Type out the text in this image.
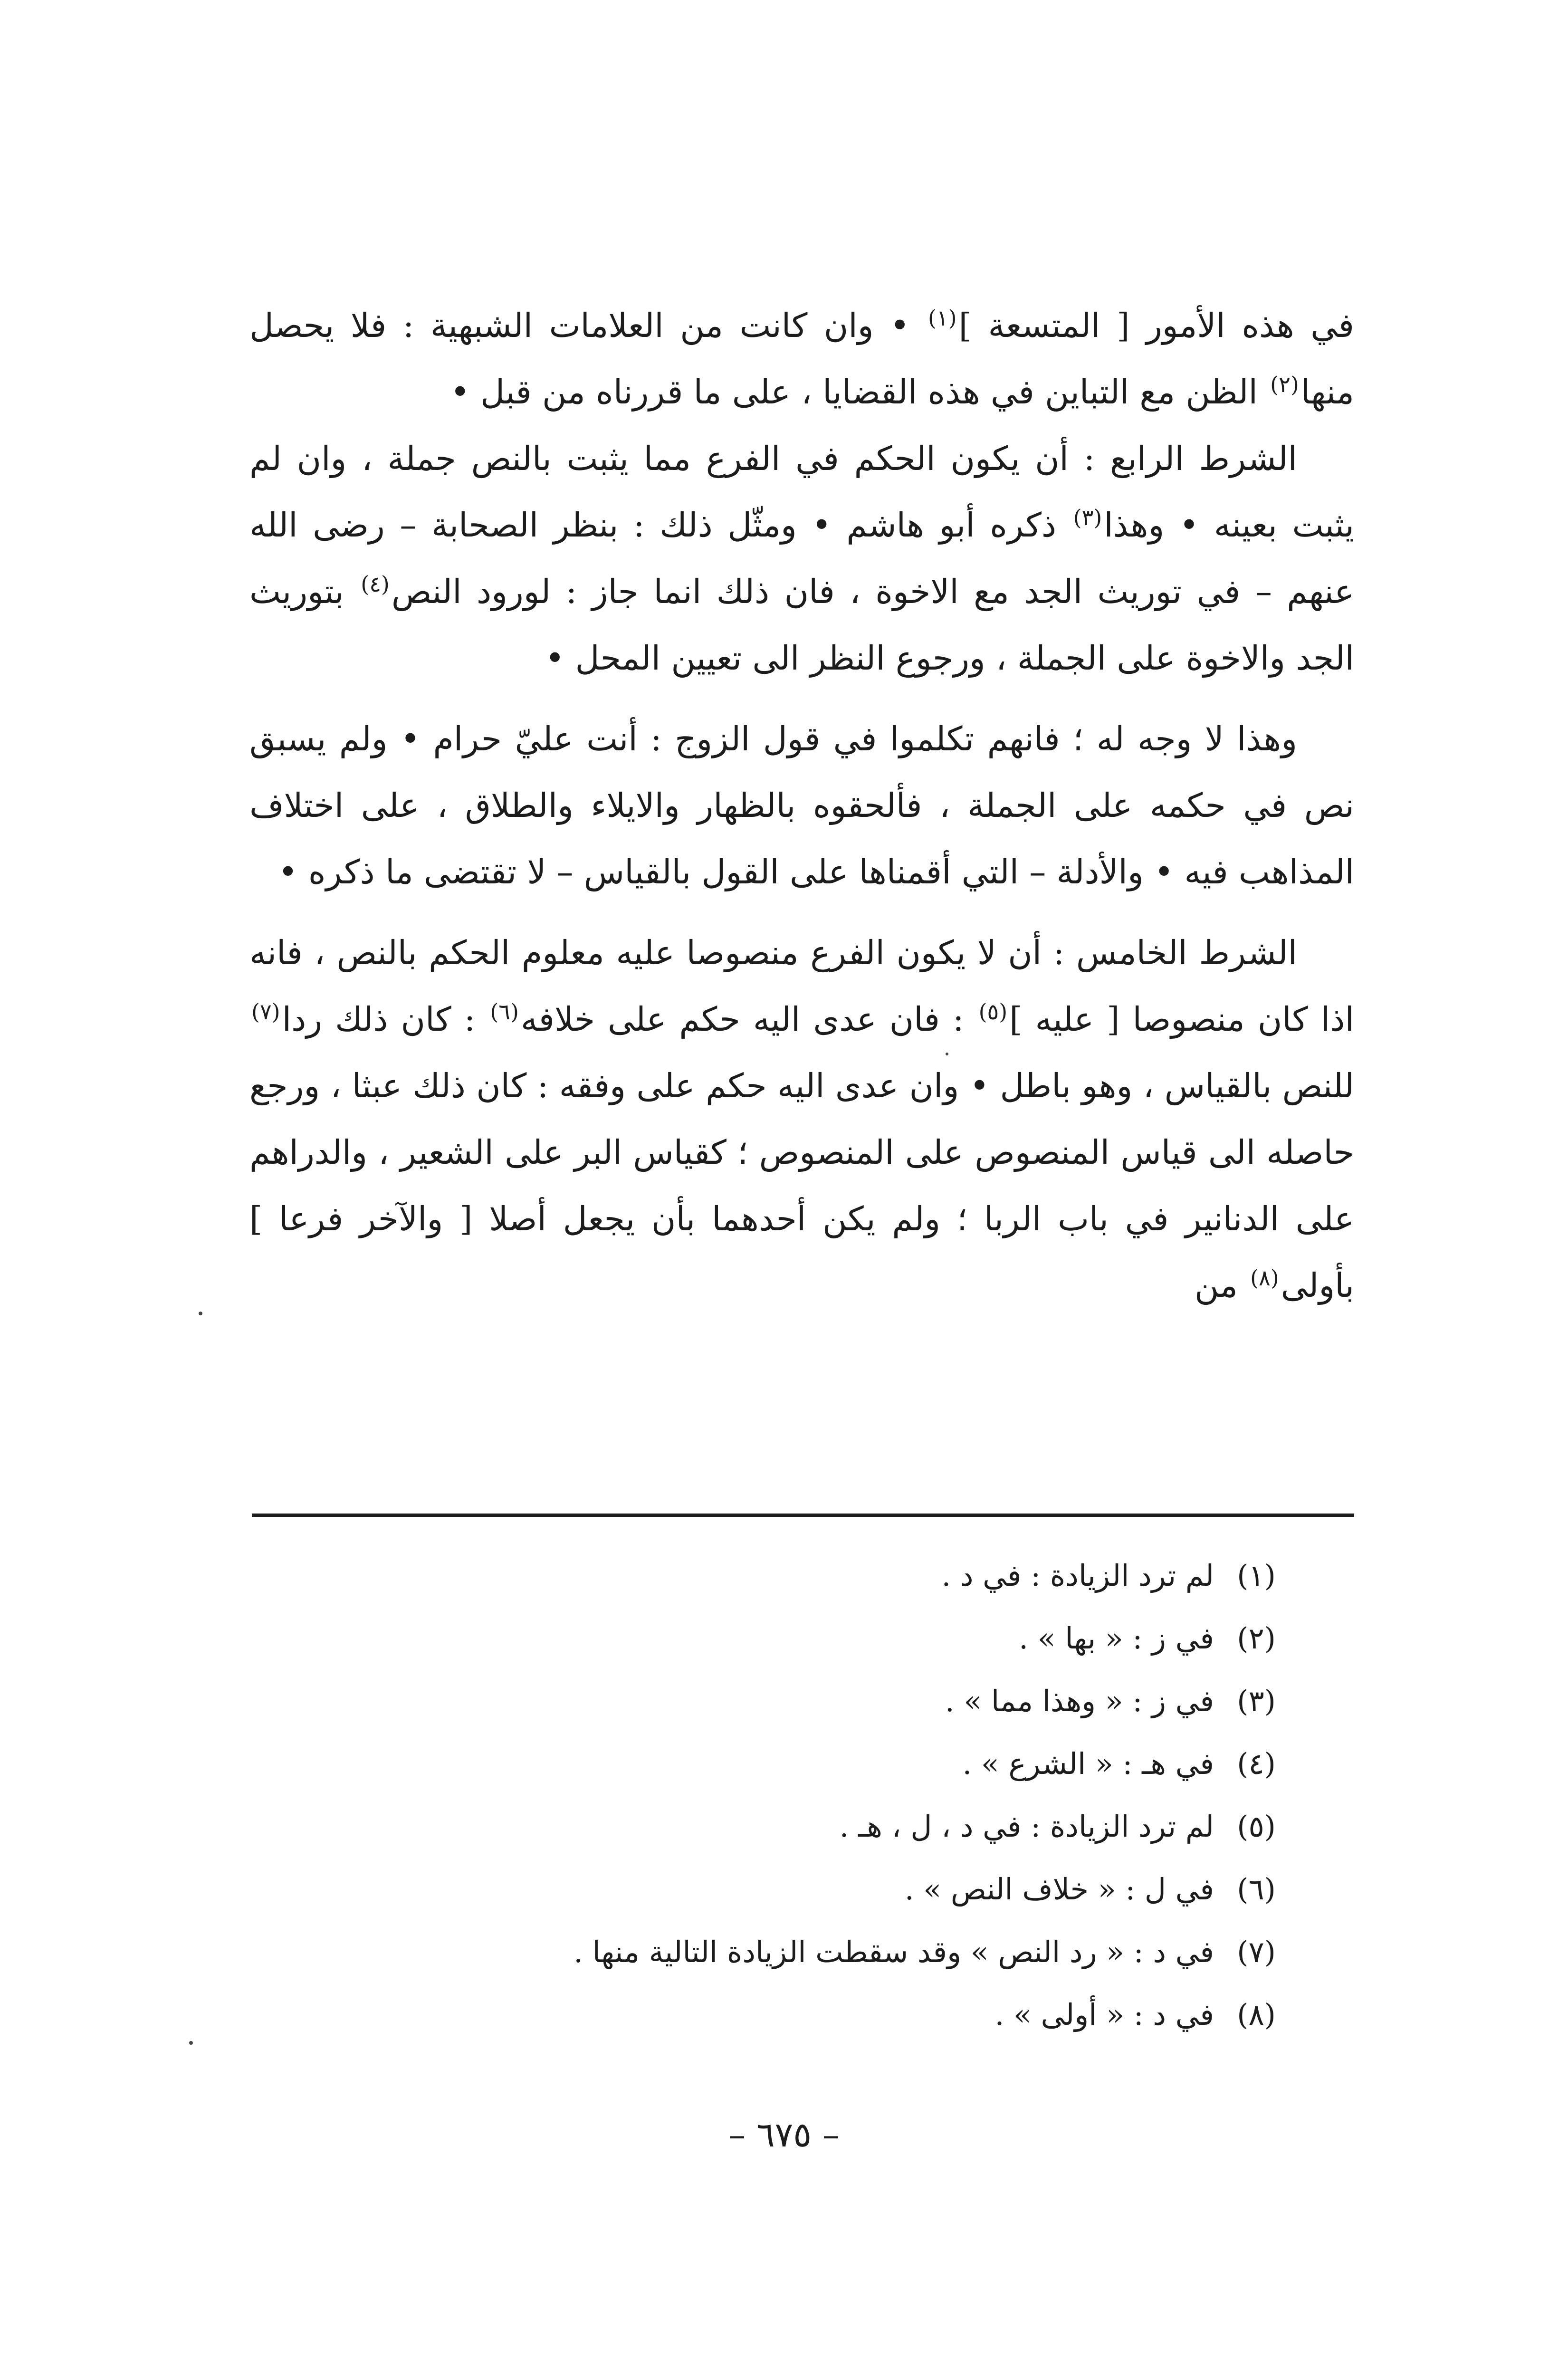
في هذه الأمور [ المتسعة ]$^{(١)}$ • وان كانت من العلامات الشبهية : فلا يحصل منها$^{(٢)}$ الظن مع التباين في هذه القضايا ، على ما قررناه من قبل •

الشرط الرابع : أن يكون الحكم في الفرع مما يثبت بالنص جملة ، وان لم يثبت بعينه • وهذا$^{(٣)}$ ذكره أبو هاشم • ومثّل ذلك : بنظر الصحابة – رضى الله عنهم – في توريث الجد مع الاخوة ، فان ذلك انما جاز : لورود النص$^{(٤)}$ بتوريث الجد والاخوة على الجملة ، ورجوع النظر الى تعيين المحل •

وهذا لا وجه له ؛ فانهم تكلموا في قول الزوج : أنت عليّ حرام • ولم يسبق نص في حكمه على الجملة ، فألحقوه بالظهار والايلاء والطلاق ، على اختلاف المذاهب فيه • والأدلة – التي أقمناها على القول بالقياس – لا تقتضى ما ذكره •

الشرط الخامس : أن لا يكون الفرع منصوصا عليه معلوم الحكم بالنص ، فانه اذا كان منصوصا [ عليه ]$^{(٥)}$ : فان عدى اليه حكم على خلافه$^{(٦)}$ : كان ذلك ردا$^{(٧)}$ للنص بالقياس ، وهو باطل • وان عدى اليه حكم على وفقه : كان ذلك عبثا ، ورجع حاصله الى قياس المنصوص على المنصوص ؛ كقياس البر على الشعير ، والدراهم على الدنانير في باب الربا ؛ ولم يكن أحدهما بأن يجعل أصلا [ والآخر فرعا ] بأولى$^{(٨)}$ من

(١)
لم ترد الزيادة : في د .
(٢)
في ز : « بها » .
(٣)
في ز : « وهذا مما » .
(٤)
في هـ : « الشرع » .
(٥)
لم ترد الزيادة : في د ، ل ، هـ .
(٦)
في ل : « خلاف النص » .
(٧)
في د : « رد النص » وقد سقطت الزيادة التالية منها .
(٨)
في د : « أولى » .
– ٦٧٥ –
